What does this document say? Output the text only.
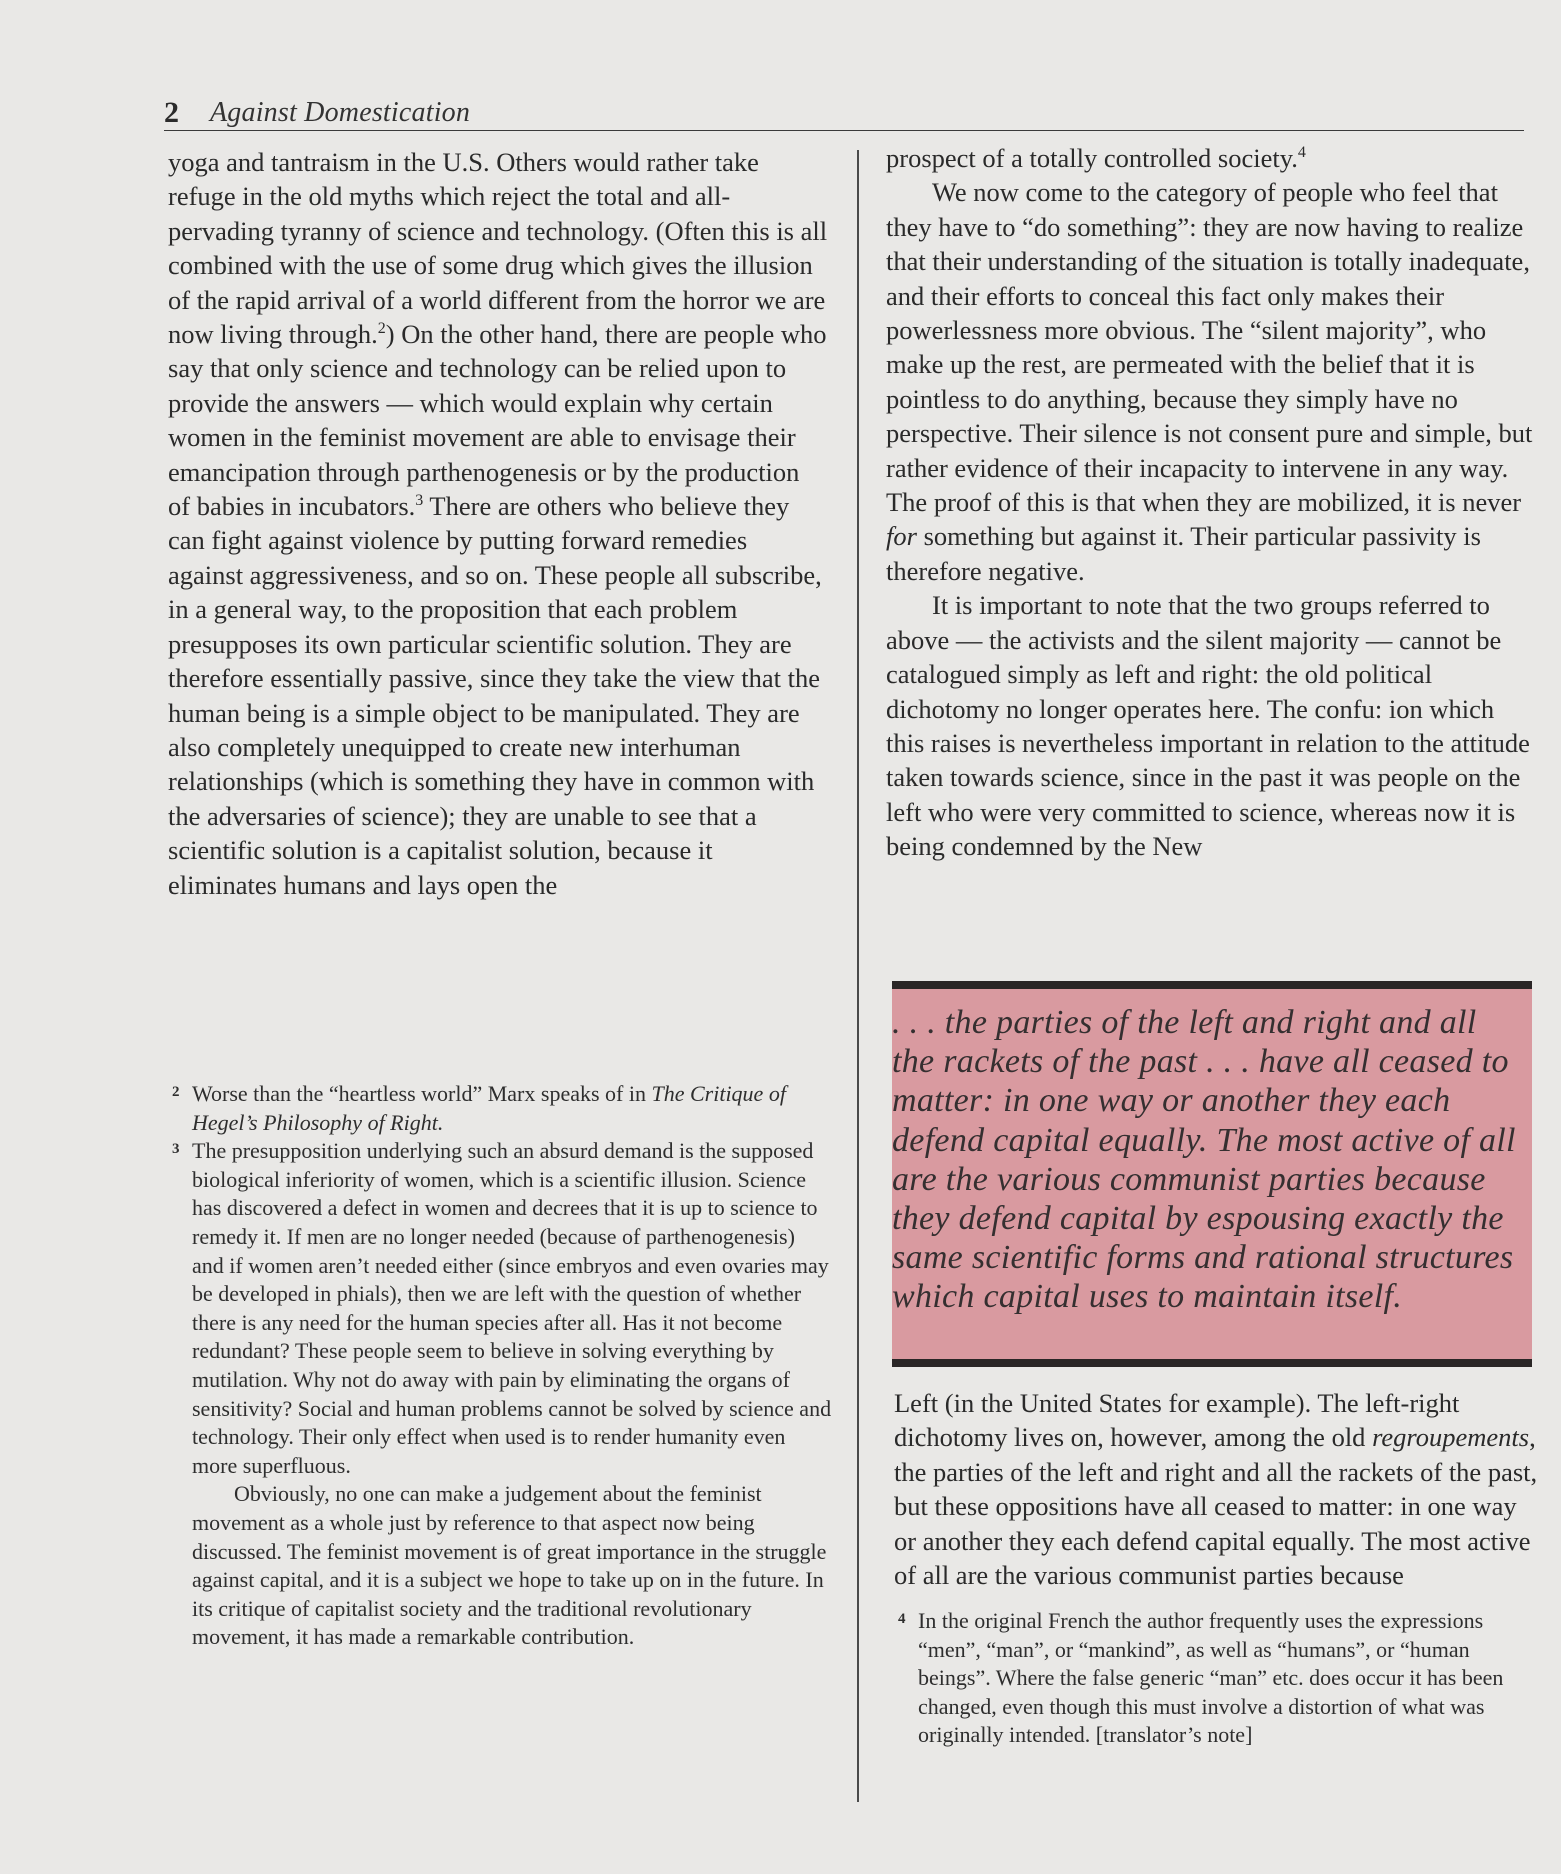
2 Against Domestication

yoga and tantraism in the U.S. Others would rather take refuge in the old myths which reject the total and all-pervading tyranny of science and technology. (Often this is all combined with the use of some drug which gives the illusion of the rapid arrival of a world different from the horror we are now living through.$^2$) On the other hand, there are people who say that only science and technology can be relied upon to provide the answers — which would explain why certain women in the feminist movement are able to envisage their emancipation through parthenogenesis or by the production of babies in incubators.$^3$ There are others who believe they can fight against violence by putting forward remedies against aggressiveness, and so on. These people all subscribe, in a general way, to the proposition that each problem presupposes its own particular scientific solution. They are therefore essentially passive, since they take the view that the human being is a simple object to be manipulated. They are also completely unequipped to create new interhuman relationships (which is something they have in common with the adversaries of science); they are unable to see that a scientific solution is a capitalist solution, because it eliminates humans and lays open the

2 Worse than the “heartless world” Marx speaks of in The Critique of Hegel’s Philosophy of Right.

3 The presupposition underlying such an absurd demand is the supposed biological inferiority of women, which is a scientific illusion. Science has discovered a defect in women and decrees that it is up to science to remedy it. If men are no longer needed (because of parthenogenesis) and if women aren’t needed either (since embryos and even ovaries may be developed in phials), then we are left with the question of whether there is any need for the human species after all. Has it not become redundant? These people seem to believe in solving everything by mutilation. Why not do away with pain by eliminating the organs of sensitivity? Social and human problems cannot be solved by science and technology. Their only effect when used is to render humanity even more superfluous.

Obviously, no one can make a judgement about the feminist movement as a whole just by reference to that aspect now being discussed. The feminist movement is of great importance in the struggle against capital, and it is a subject we hope to take up on in the future. In its critique of capitalist society and the traditional revolutionary movement, it has made a remarkable contribution.

prospect of a totally controlled society.$^4$

We now come to the category of people who feel that they have to “do something”: they are now having to realize that their understanding of the situation is totally inadequate, and their efforts to conceal this fact only makes their powerlessness more obvious. The “silent majority”, who make up the rest, are permeated with the belief that it is pointless to do anything, because they simply have no perspective. Their silence is not consent pure and simple, but rather evidence of their incapacity to intervene in any way. The proof of this is that when they are mobilized, it is never for something but against it. Their particular passivity is therefore negative.

It is important to note that the two groups referred to above — the activists and the silent majority — cannot be catalogued simply as left and right: the old political dichotomy no longer operates here. The confu: ion which this raises is nevertheless important in relation to the attitude taken towards science, since in the past it was people on the left who were very committed to science, whereas now it is being condemned by the New

. . . the parties of the left and right and all the rackets of the past . . . have all ceased to matter: in one way or another they each defend capital equally. The most active of all are the various communist parties because they defend capital by espousing exactly the same scientific forms and rational structures which capital uses to maintain itself.

Left (in the United States for example). The left-right dichotomy lives on, however, among the old regroupements, the parties of the left and right and all the rackets of the past, but these oppositions have all ceased to matter: in one way or another they each defend capital equally. The most active of all are the various communist parties because

4 In the original French the author frequently uses the expressions “men”, “man”, or “mankind”, as well as “humans”, or “human beings”. Where the false generic “man” etc. does occur it has been changed, even though this must involve a distortion of what was originally intended. [translator’s note]
